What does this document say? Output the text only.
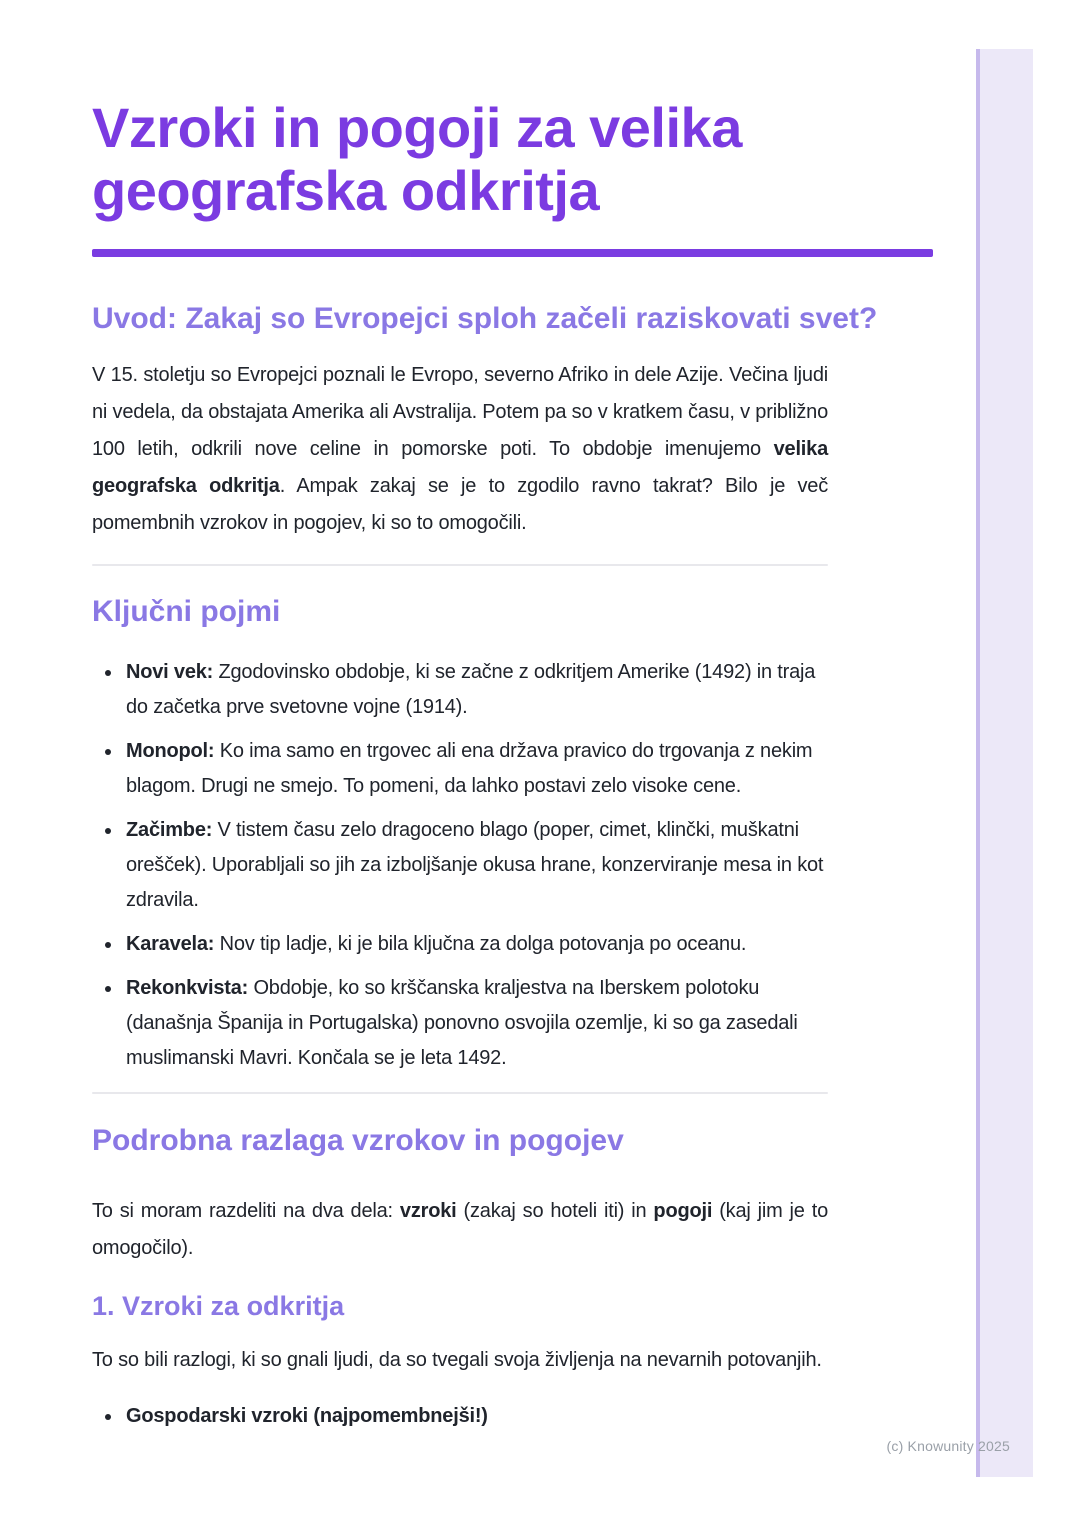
Vzroki in pogoji za velika geografska odkritja
Uvod: Zakaj so Evropejci sploh začeli raziskovati svet?

V 15. stoletju so Evropejci poznali le Evropo, severno Afriko in dele Azije. Večina ljudi ni vedela, da obstajata Amerika ali Avstralija. Potem pa so v kratkem času, v približno 100 letih, odkrili nove celine in pomorske poti. To obdobje imenujemo velika geografska odkritja. Ampak zakaj se je to zgodilo ravno takrat? Bilo je več pomembnih vzrokov in pogojev, ki so to omogočili.

Ključni pojmi
Novi vek: Zgodovinsko obdobje, ki se začne z odkritjem Amerike (1492) in traja do začetka prve svetovne vojne (1914).
Monopol: Ko ima samo en trgovec ali ena država pravico do trgovanja z nekim blagom. Drugi ne smejo. To pomeni, da lahko postavi zelo visoke cene.
Začimbe: V tistem času zelo dragoceno blago (poper, cimet, klinčki, muškatni orešček). Uporabljali so jih za izboljšanje okusa hrane, konzerviranje mesa in kot zdravila.
Karavela: Nov tip ladje, ki je bila ključna za dolga potovanja po oceanu.
Rekonkvista: Obdobje, ko so krščanska kraljestva na Iberskem polotoku (današnja Španija in Portugalska) ponovno osvojila ozemlje, ki so ga zasedali muslimanski Mavri. Končala se je leta 1492.
Podrobna razlaga vzrokov in pogojev

To si moram razdeliti na dva dela: vzroki (zakaj so hoteli iti) in pogoji (kaj jim je to omogočilo).

1. Vzroki za odkritja

To so bili razlogi, ki so gnali ljudi, da so tvegali svoja življenja na nevarnih potovanjih.

Gospodarski vzroki (najpomembnejši!)
(c) Knowunity 2025
